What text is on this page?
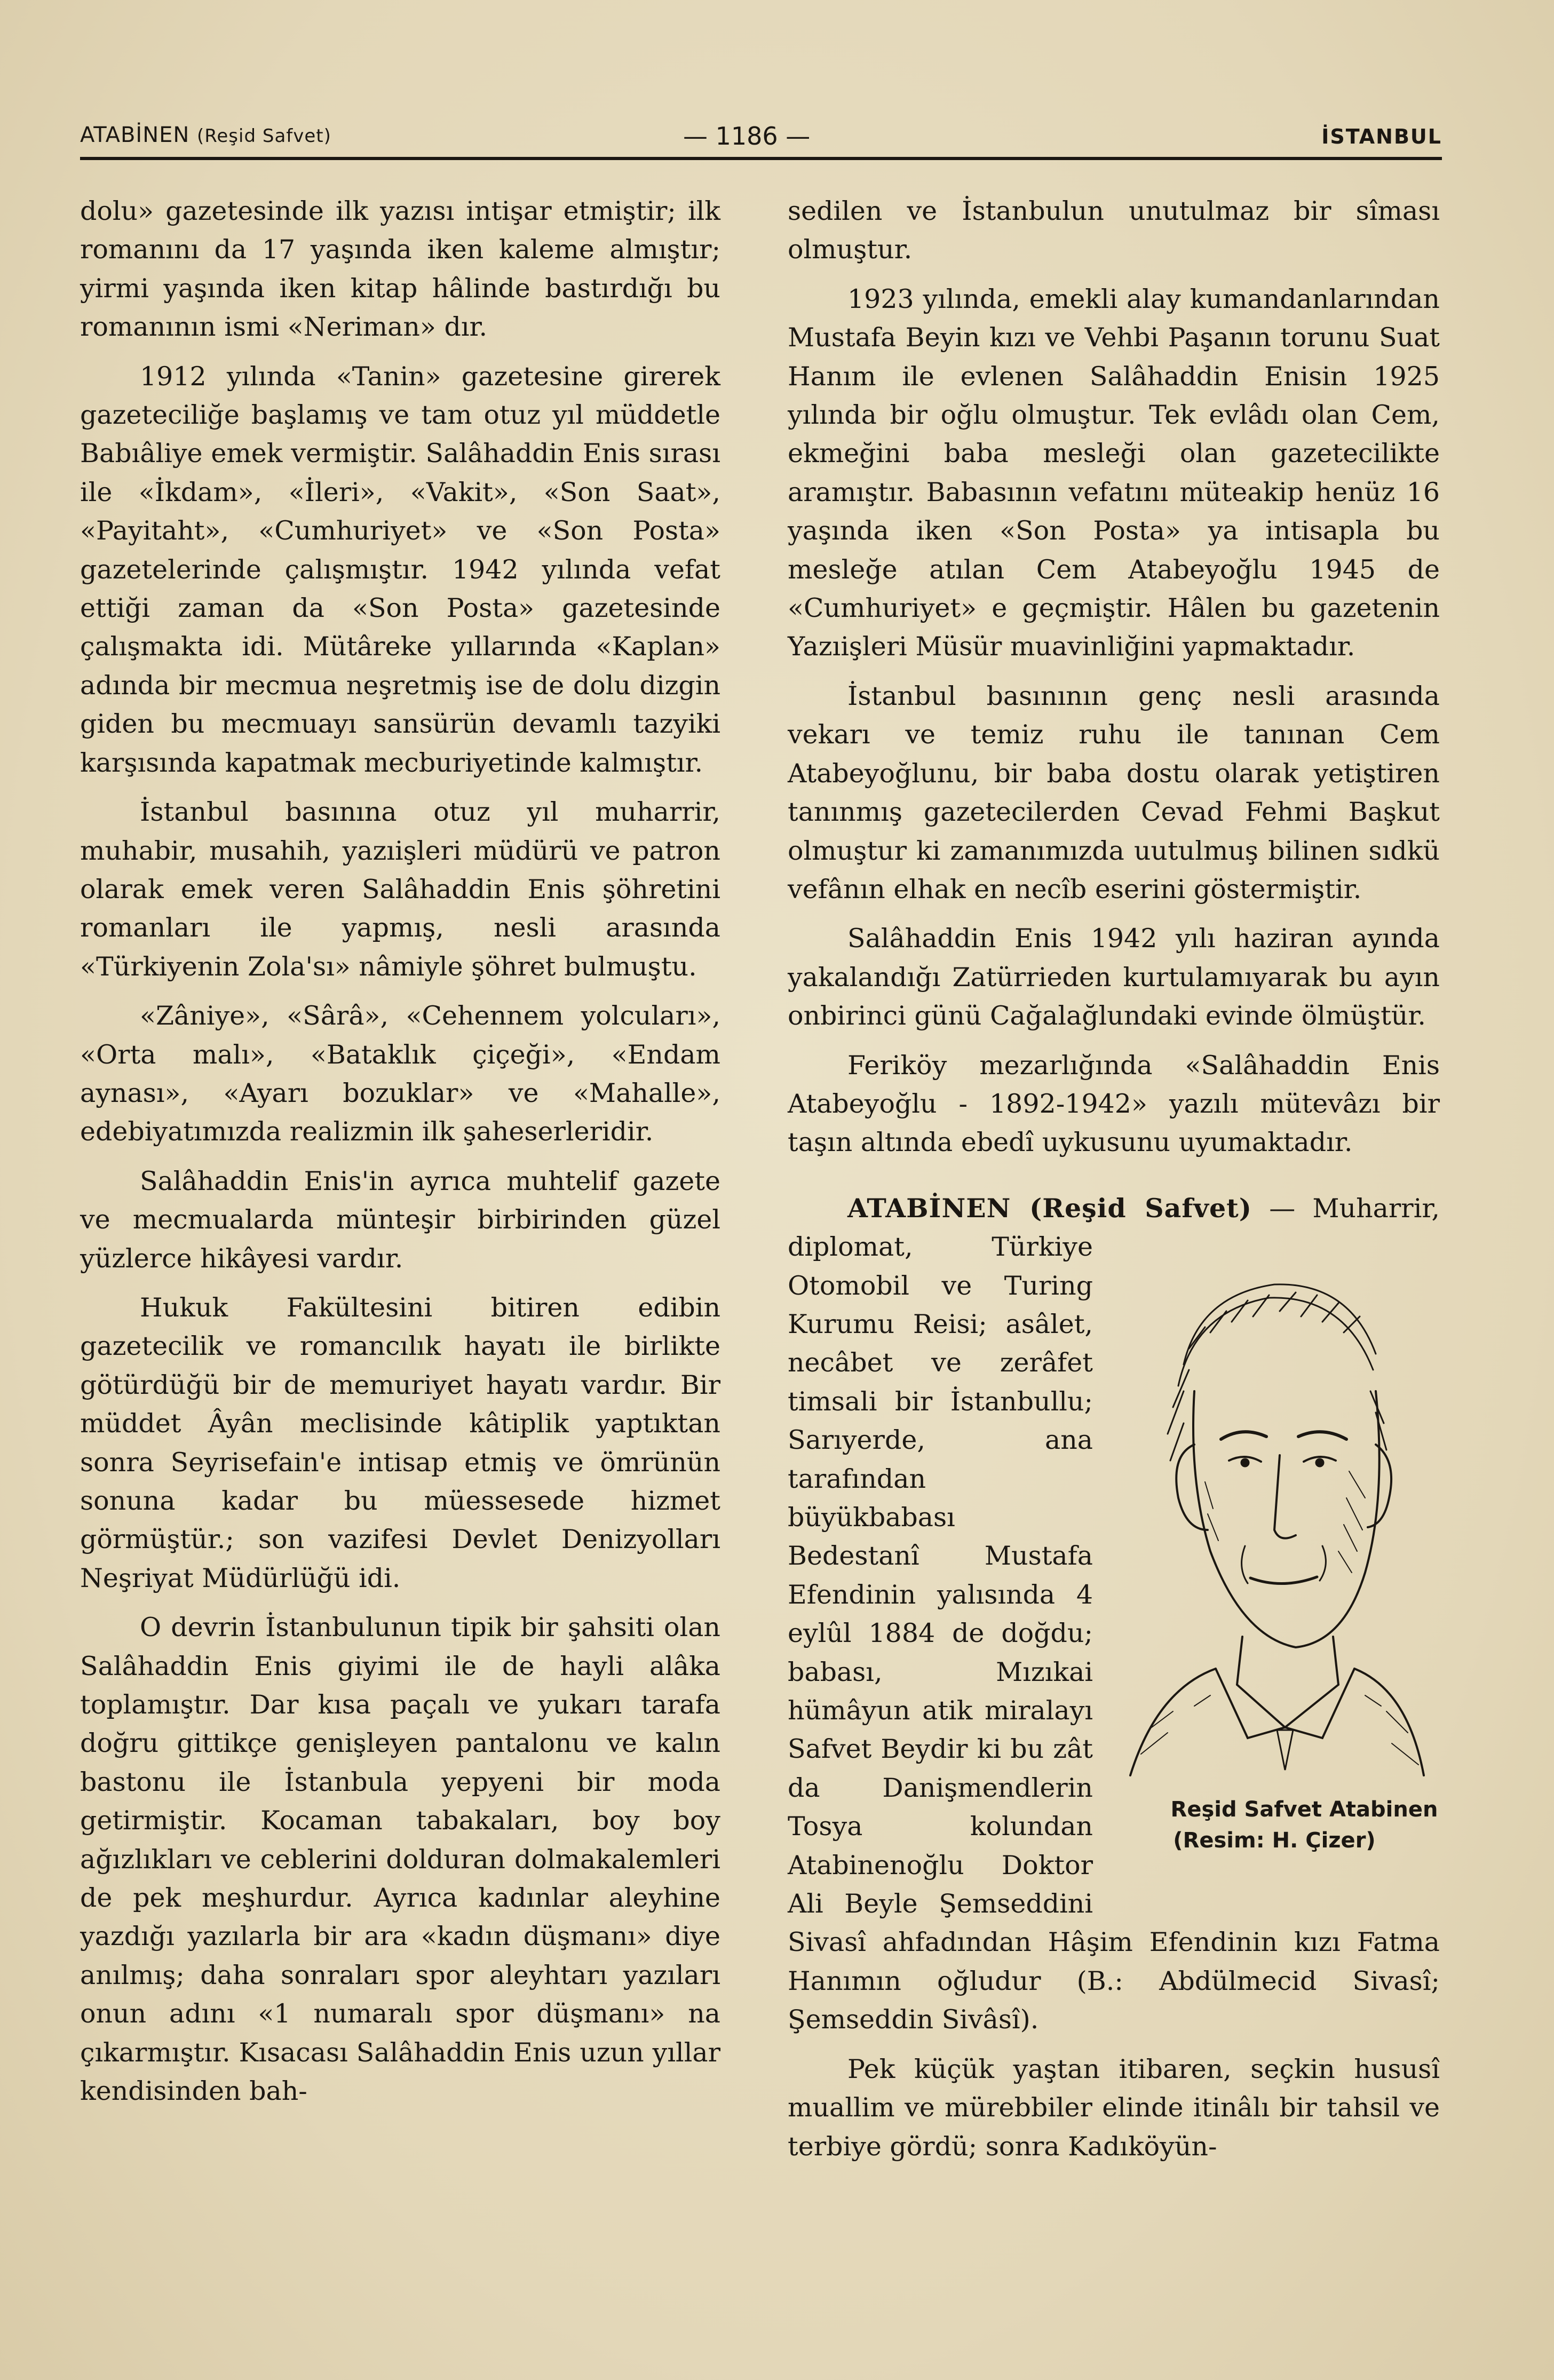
ATABİNEN (Reşid Safvet)	— 1186 —	İSTANBUL

dolu» gazetesinde ilk yazısı intişar etmiştir; ilk romanını da 17 yaşında iken kaleme almıştır; yirmi yaşında iken kitap hâlinde bastırdığı bu romanının ismi «Neriman» dır.

1912 yılında «Tanin» gazetesine girerek gazeteciliğe başlamış ve tam otuz yıl müddetle Babıâliye emek vermiştir. Salâhaddin Enis sırası ile «İkdam», «İleri», «Vakit», «Son Saat», «Payitaht», «Cumhuriyet» ve «Son Posta» gazetelerinde çalışmıştır. 1942 yılında vefat ettiği zaman da «Son Posta» gazetesinde çalışmakta idi. Mütâreke yıllarında «Kaplan» adında bir mecmua neşretmiş ise de dolu dizgin giden bu mecmuayı sansürün devamlı tazyiki karşısında kapatmak mecburiyetinde kalmıştır.

İstanbul basınına otuz yıl muharrir, muhabir, musahih, yazıişleri müdürü ve patron olarak emek veren Salâhaddin Enis şöhretini romanları ile yapmış, nesli arasında «Türkiyenin Zola'sı» nâmiyle şöhret bulmuştu.

«Zâniye», «Sârâ», «Cehennem yolcuları», «Orta malı», «Bataklık çiçeği», «Endam aynası», «Ayarı bozuklar» ve «Mahalle», edebiyatımızda realizmin ilk şaheserleridir.

Salâhaddin Enis'in ayrıca muhtelif gazete ve mecmualarda münteşir birbirinden güzel yüzlerce hikâyesi vardır.

Hukuk Fakültesini bitiren edibin gazetecilik ve romancılık hayatı ile birlikte götürdüğü bir de memuriyet hayatı vardır. Bir müddet Âyân meclisinde kâtiplik yaptıktan sonra Seyrisefain'e intisap etmiş ve ömrünün sonuna kadar bu müessesede hizmet görmüştür.; son vazifesi Devlet Denizyolları Neşriyat Müdürlüğü idi.

O devrin İstanbulunun tipik bir şahsiti olan Salâhaddin Enis giyimi ile de hayli alâka toplamıştır. Dar kısa paçalı ve yukarı tarafa doğru gittikçe genişleyen pantalonu ve kalın bastonu ile İstanbula yepyeni bir moda getirmiştir. Kocaman tabakaları, boy boy ağızlıkları ve ceblerini dolduran dolmakalemleri de pek meşhurdur. Ayrıca kadınlar aleyhine yazdığı yazılarla bir ara «kadın düşmanı» diye anılmış; daha sonraları spor aleyhtarı yazıları onun adını «1 numaralı spor düşmanı» na çıkarmıştır. Kısacası Salâhaddin Enis uzun yıllar kendisinden bah-

sedilen ve İstanbulun unutulmaz bir sîması olmuştur.

1923 yılında, emekli alay kumandanlarından Mustafa Beyin kızı ve Vehbi Paşanın torunu Suat Hanım ile evlenen Salâhaddin Enisin 1925 yılında bir oğlu olmuştur. Tek evlâdı olan Cem, ekmeğini baba mesleği olan gazetecilikte aramıştır. Babasının vefatını müteakip henüz 16 yaşında iken «Son Posta» ya intisapla bu mesleğe atılan Cem Atabeyoğlu 1945 de «Cumhuriyet» e geçmiştir. Hâlen bu gazetenin Yazıişleri Müsür muavinliğini yapmaktadır.

İstanbul basınının genç nesli arasında vekarı ve temiz ruhu ile tanınan Cem Atabeyoğlunu, bir baba dostu olarak yetiştiren tanınmış gazetecilerden Cevad Fehmi Başkut olmuştur ki zamanımızda uutulmuş bilinen sıdkü vefânın elhak en necîb eserini göstermiştir.

Salâhaddin Enis 1942 yılı haziran ayında yakalandığı Zatürrieden kurtulamıyarak bu ayın onbirinci günü Cağalağlundaki evinde ölmüştür.

Feriköy mezarlığında «Salâhaddin Enis Atabeyoğlu - 1892-1942» yazılı mütevâzı bir taşın altında ebedî uykusunu uyumaktadır.

ATABİNEN (Reşid Safvet)
Reşid Safvet Atabinen
(Resim: H. Çizer)
— Muharrir, diplomat, Türkiye Otomobil ve Turing Kurumu Reisi; asâlet, necâbet ve zerâfet timsali bir İstanbullu; Sarıyerde, ana tarafından büyükbabası Bedestanî Mustafa Efendinin yalısında 4 eylûl 1884 de doğdu; babası, Mızıkai hümâyun atik miralayı Safvet Beydir ki bu zât da Danişmendlerin Tosya kolundan Atabinenoğlu Doktor Ali Beyle Şemseddini Sivasî ahfadından Hâşim Efendinin kızı Fatma Hanımın oğludur (B.: Abdülmecid Sivasî; Şemseddin Sivâsî).

Pek küçük yaştan itibaren, seçkin hususî muallim ve mürebbiler elinde itinâlı bir tahsil ve terbiye gördü; sonra Kadıköyün-
